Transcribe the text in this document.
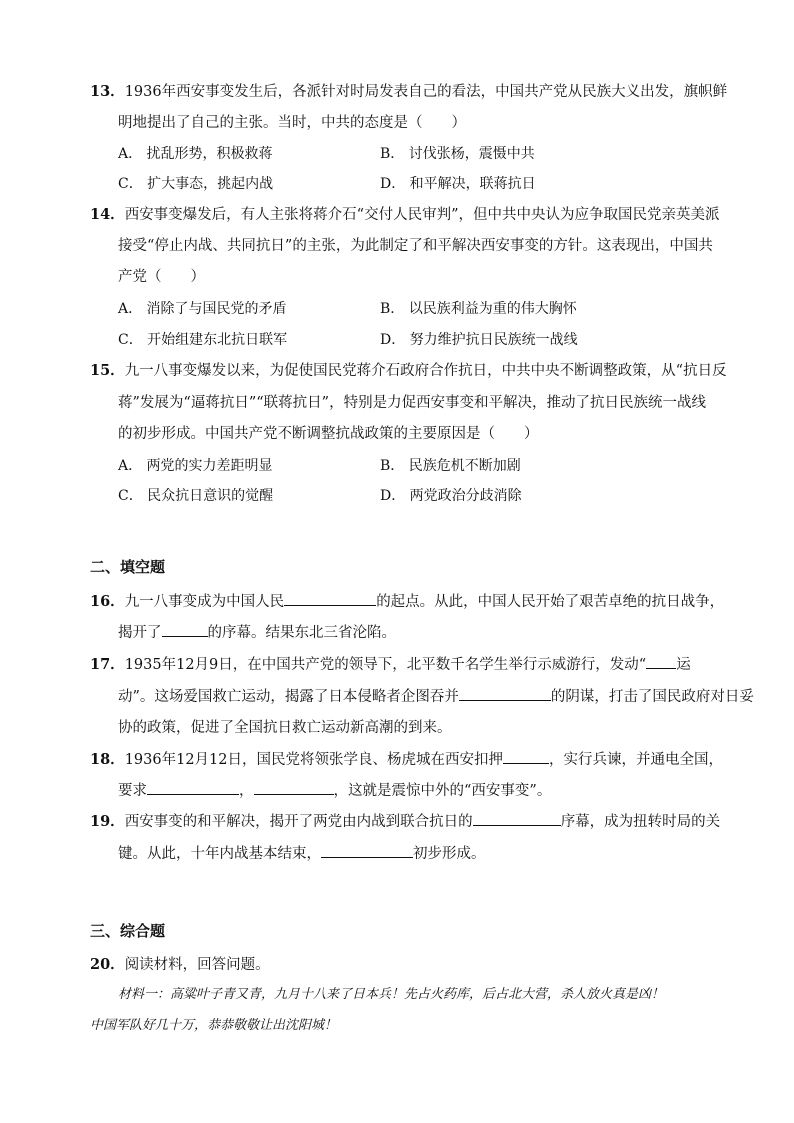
13．1936年西安事变发生后，各派针对时局发表自己的看法，中国共产党从民族大义出发，旗帜鲜
明地提出了自己的主张。当时，中共的态度是（　　）
A． 扰乱形势，积极救蒋	B． 讨伐张杨，震慑中共
C． 扩大事态，挑起内战	D． 和平解决，联蒋抗日
14．西安事变爆发后，有人主张将蒋介石“交付人民审判”，但中共中央认为应争取国民党亲英美派
接受“停止内战、共同抗日”的主张，为此制定了和平解决西安事变的方针。这表现出，中国共
产党（　　）
A． 消除了与国民党的矛盾	B． 以民族利益为重的伟大胸怀
C． 开始组建东北抗日联军	D． 努力维护抗日民族统一战线
15．九一八事变爆发以来，为促使国民党蒋介石政府合作抗日，中共中央不断调整政策，从“抗日反
蒋”发展为“逼蒋抗日”“联蒋抗日”，特别是力促西安事变和平解决，推动了抗日民族统一战线
的初步形成。中国共产党不断调整抗战政策的主要原因是（　　）
A． 两党的实力差距明显	B． 民族危机不断加剧
C． 民众抗日意识的觉醒	D． 两党政治分歧消除
二、填空题
16．九一八事变成为中国人民	的起点。从此，中国人民开始了艰苦卓绝的抗日战争，
揭开了	的序幕。结果东北三省沦陷。
17．1935年12月9日，在中国共产党的领导下，北平数千名学生举行示威游行，发动“ 运
动”。这场爱国救亡运动，揭露了日本侵略者企图吞并	的阴谋，打击了国民政府对日妥
协的政策，促进了全国抗日救亡运动新高潮的到来。
18．1936年12月12日，国民党将领张学良、杨虎城在西安扣押	，实行兵谏，并通电全国，
要求	，	，这就是震惊中外的“西安事变”。
19．西安事变的和平解决，揭开了两党由内战到联合抗日的	序幕，成为扭转时局的关
键。从此，十年内战基本结束，	初步形成。
三、综合题
20．阅读材料，回答问题。
材料一：高粱叶子青又青，九月十八来了日本兵！先占火药库，后占北大营，杀人放火真是凶！
中国军队好几十万，恭恭敬敬让出沈阳城！
